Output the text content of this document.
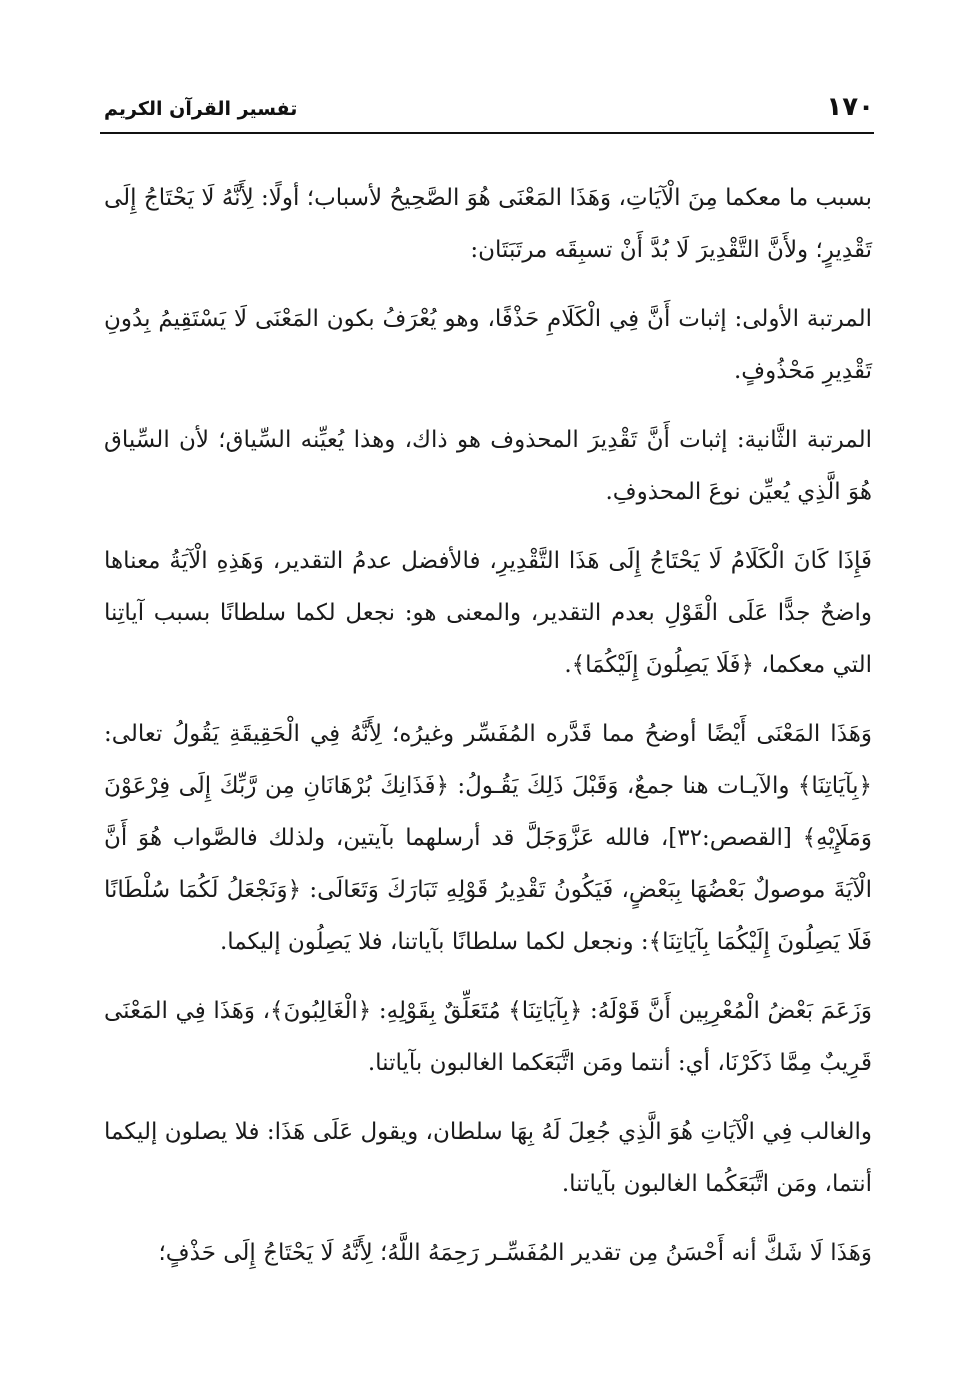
١٧٠
تفسير القرآن الكريم

بسبب ما معكما مِنَ الْآيَاتِ، وَهَذَا المَعْنَى هُوَ الصَّحِيحُ لأسباب؛ أولًا: لِأَنَّهُ لَا يَحْتَاجُ إِلَى تَقْدِيرٍ؛ ولأَنَّ التَّقْدِيرَ لَا بُدَّ أَنْ تسبِقَه مرتَبَتَان:

المرتبة الأولى: إثبات أَنَّ فِي الْكَلَامِ حَذْفًا، وهو يُعْرَفُ بكون المَعْنَى لَا يَسْتَقِيمُ بِدُونِ تَقْدِيرِ مَحْذُوفٍ.

المرتبة الثَّانية: إثبات أَنَّ تَقْدِيرَ المحذوف هو ذاك، وهذا يُعيِّنه السِّياق؛ لأن السِّياق هُوَ الَّذِي يُعيِّن نوعَ المحذوفِ.

فَإِذَا كَانَ الْكَلَامُ لَا يَحْتَاجُ إِلَى هَذَا التَّقْدِيرِ، فالأفضل عدمُ التقدير، وَهَذِهِ الْآيَةُ معناها واضحٌ جدًّا عَلَى الْقَوْلِ بعدم التقدير، والمعنى هو: نجعل لكما سلطانًا بسبب آياتِنا التي معكما، ﴿فَلَا يَصِلُونَ إِلَيْكُمَا﴾.

وَهَذَا المَعْنَى أَيْضًا أوضحُ مما قَدَّره المُفَسِّر وغيرُه؛ لِأَنَّهُ فِي الْحَقِيقَةِ يَقُولُ تعالى: ﴿بِآيَاتِنَا﴾ والآيـات هنا جمعٌ، وَقَبْلَ ذَلِكَ يَقُـولُ: ﴿فَذَانِكَ بُرْهَانَانِ مِن رَّبِّكَ إِلَى فِرْعَوْنَ وَمَلَإِيْهِ﴾ [القصص:٣٢]، فالله عَزَّوَجَلَّ قد أرسلهما بآيتين، ولذلك فالصَّواب هُوَ أَنَّ الْآيَةَ موصولٌ بَعْضُهَا بِبَعْضٍ، فَيَكُونُ تَقْدِيرُ قَوْلِهِ تَبَارَكَ وَتَعَالَى: ﴿وَنَجْعَلُ لَكُمَا سُلْطَانًا فَلَا يَصِلُونَ إِلَيْكُمَا بِآيَاتِنَا﴾: ونجعل لكما سلطانًا بآياتنا، فلا يَصِلُون إليكما.

وَزَعَمَ بَعْضُ الْمُعْرِبِين أَنَّ قَوْلَهُ: ﴿بِآيَاتِنَا﴾ مُتَعَلِّقٌ بِقَوْلِهِ: ﴿الْغَالِبُونَ﴾، وَهَذَا فِي المَعْنَى قَرِيبٌ مِمَّا ذَكَرْنَا، أي: أنتما ومَن اتَّبَعَكما الغالبون بآياتنا.

والغالب فِي الْآيَاتِ هُوَ الَّذِي جُعِلَ لَهُ بِهَا سلطان، ويقول عَلَى هَذَا: فلا يصلون إليكما أنتما، ومَن اتَّبَعَكُما الغالبون بآياتنا.

وَهَذَا لَا شَكَّ أنه أَحْسَنُ مِن تقدير المُفَسِّـر رَحِمَهُ اللَّهُ؛ لِأَنَّهُ لَا يَحْتَاجُ إِلَى حَذْفٍ؛
